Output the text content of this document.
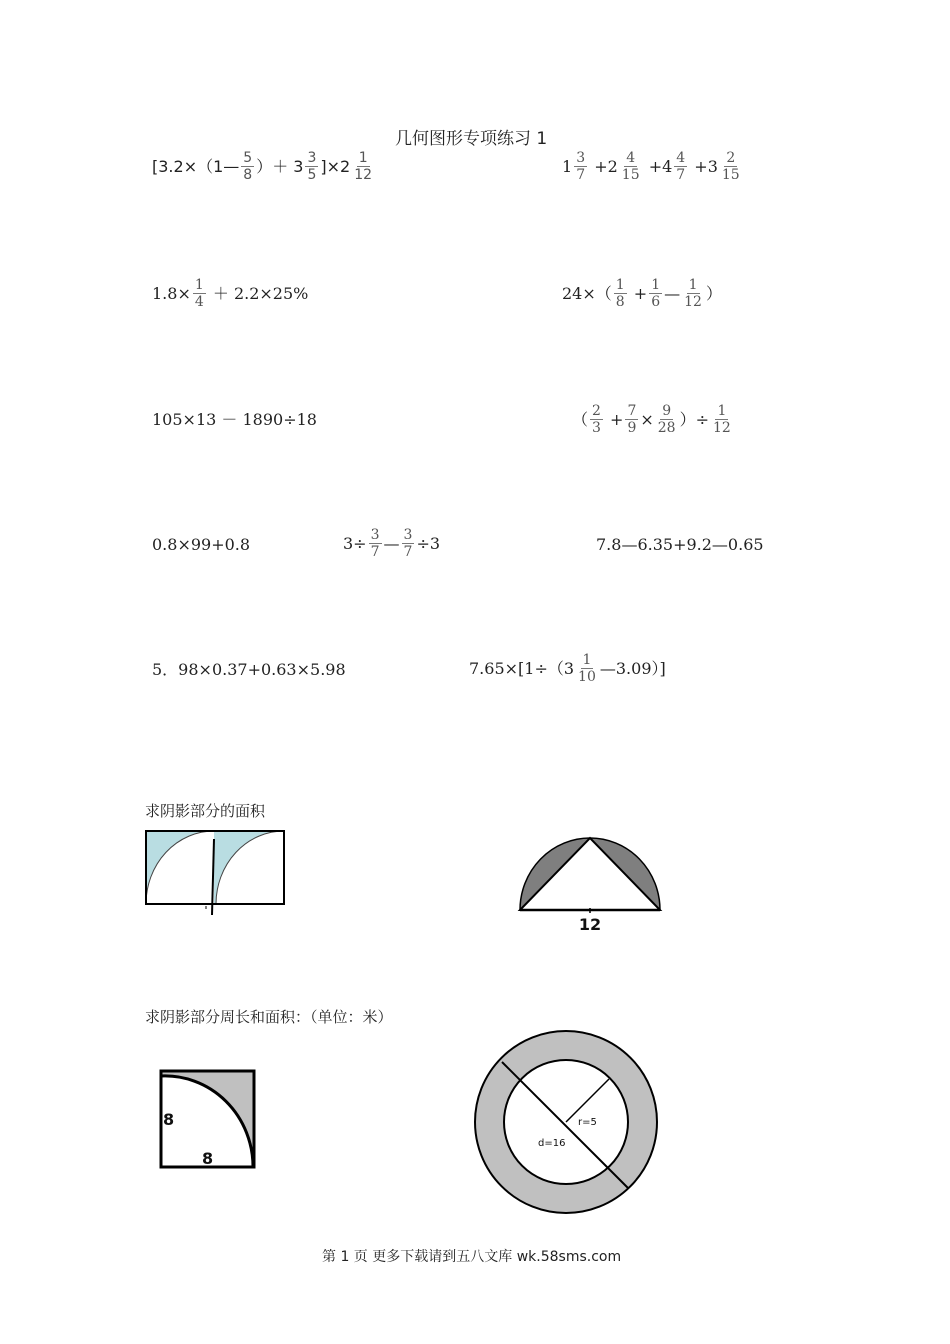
几何图形专项练习 1
[3.2×（1— $\frac{5}{8}$ ）＋ $3 \frac{3}{5} ]\times 2 \frac{1}{12}$	$1 \frac{3}{7} +2 \frac{4}{15} +4 \frac{4}{7} +3 \frac{2}{15}$
$1.8\times \frac{1}{4} + 2.2\times 25\%$	$24\times( \frac{1}{8} + \frac{1}{6}$ — $\frac{1}{12}$ ）
105×13 － 1890÷18	（ $\frac{2}{3} + \frac{7}{9} \times \frac{9}{28}$ ）÷ $\frac{1}{12}$
0.8×99+0.8	$3\div \frac{3}{7}$ — $\frac{3}{7} \div 3$	7.8—6.35+9.2—0.65
5．98×0.37+0.63×5.98	$7.65\times[1\div(3 \frac{1}{10}$ —3.09）]
求阴影部分的面积
12
求阴影部分周长和面积：（单位：米）
8
8
r=5
d=16
第 1 页 更多下载请到五八文库 wk.58sms.com
